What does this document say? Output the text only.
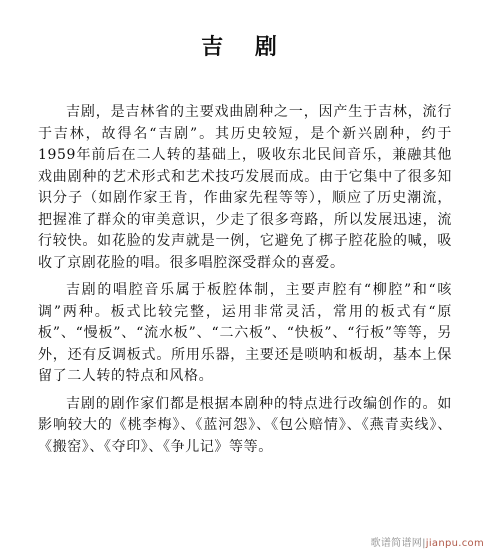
吉 剧

吉剧，是吉林省的主要戏曲剧种之一，因产生于吉林，流行于吉林，故得名“吉剧”。其历史较短，是个新兴剧种，约于1959年前后在二人转的基础上，吸收东北民间音乐，兼融其他戏曲剧种的艺术形式和艺术技巧发展而成。由于它集中了很多知识分子（如剧作家王肯，作曲家先程等等），顺应了历史潮流，把握准了群众的审美意识，少走了很多弯路，所以发展迅速，流行较快。如花脸的发声就是一例，它避免了梆子腔花脸的喊，吸收了京剧花脸的唱。很多唱腔深受群众的喜爱。

吉剧的唱腔音乐属于板腔体制，主要声腔有“柳腔”和“咳调”两种。板式比较完整，运用非常灵活，常用的板式有“原板”、“慢板”、“流水板”、“二六板”、“快板”、“行板”等等，另外，还有反调板式。所用乐器，主要还是唢呐和板胡，基本上保留了二人转的特点和风格。

吉剧的剧作家们都是根据本剧种的特点进行改编创作的。如影响较大的《桃李梅》、《蓝河怨》、《包公赔情》、《燕青卖线》、《搬窑》、《夺印》、《争儿记》等等。

歌谱简谱网|jianpu.com
